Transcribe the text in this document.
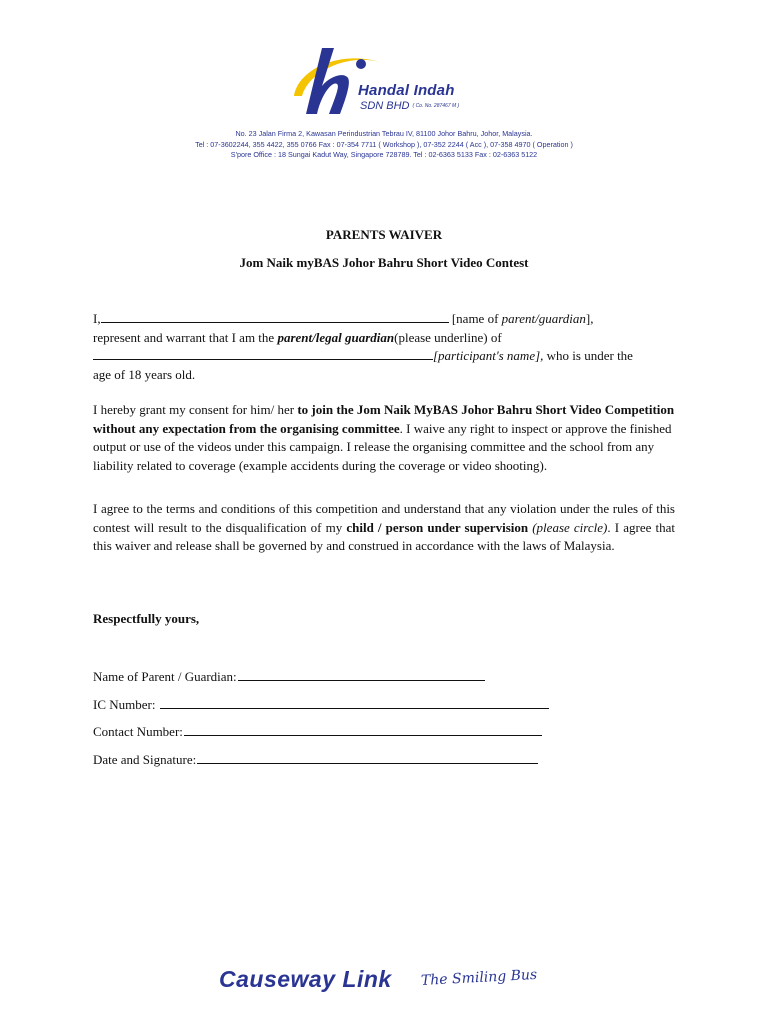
Handal Indah
SDN BHD ( Co. No. 287467 M )
No. 23 Jalan Firma 2, Kawasan Perindustrian Tebrau IV, 81100 Johor Bahru, Johor, Malaysia.
Tel : 07-3602244, 355 4422, 355 0766 Fax : 07-354 7711 ( Workshop ), 07-352 2244 ( Acc ), 07-358 4970 ( Operation )
S'pore Office : 18 Sungai Kadut Way, Singapore 728789. Tel : 02-6363 5133 Fax : 02-6363 5122
PARENTS WAIVER
Jom Naik myBAS Johor Bahru Short Video Contest
I,	[name of parent/guardian],
represent and warrant that I am the parent/legal guardian(please underline) of
[participant's name], who is under the
age of 18 years old.
I hereby grant my consent for him/ her to join the Jom Naik MyBAS Johor Bahru Short Video Competition without any expectation from the organising committee. I waive any right to inspect or approve the finished output or use of the videos under this campaign. I release the organising committee and the school from any liability related to coverage (example accidents during the coverage or video shooting).
I agree to the terms and conditions of this competition and understand that any violation under the rules of this contest will result to the disqualification of my child / person under supervision (please circle). I agree that this waiver and release shall be governed by and construed in accordance with the laws of Malaysia.
Respectfully yours,
Name of Parent / Guardian:
IC Number:
Contact Number:
Date and Signature:
Causeway Link The Smiling Bus
